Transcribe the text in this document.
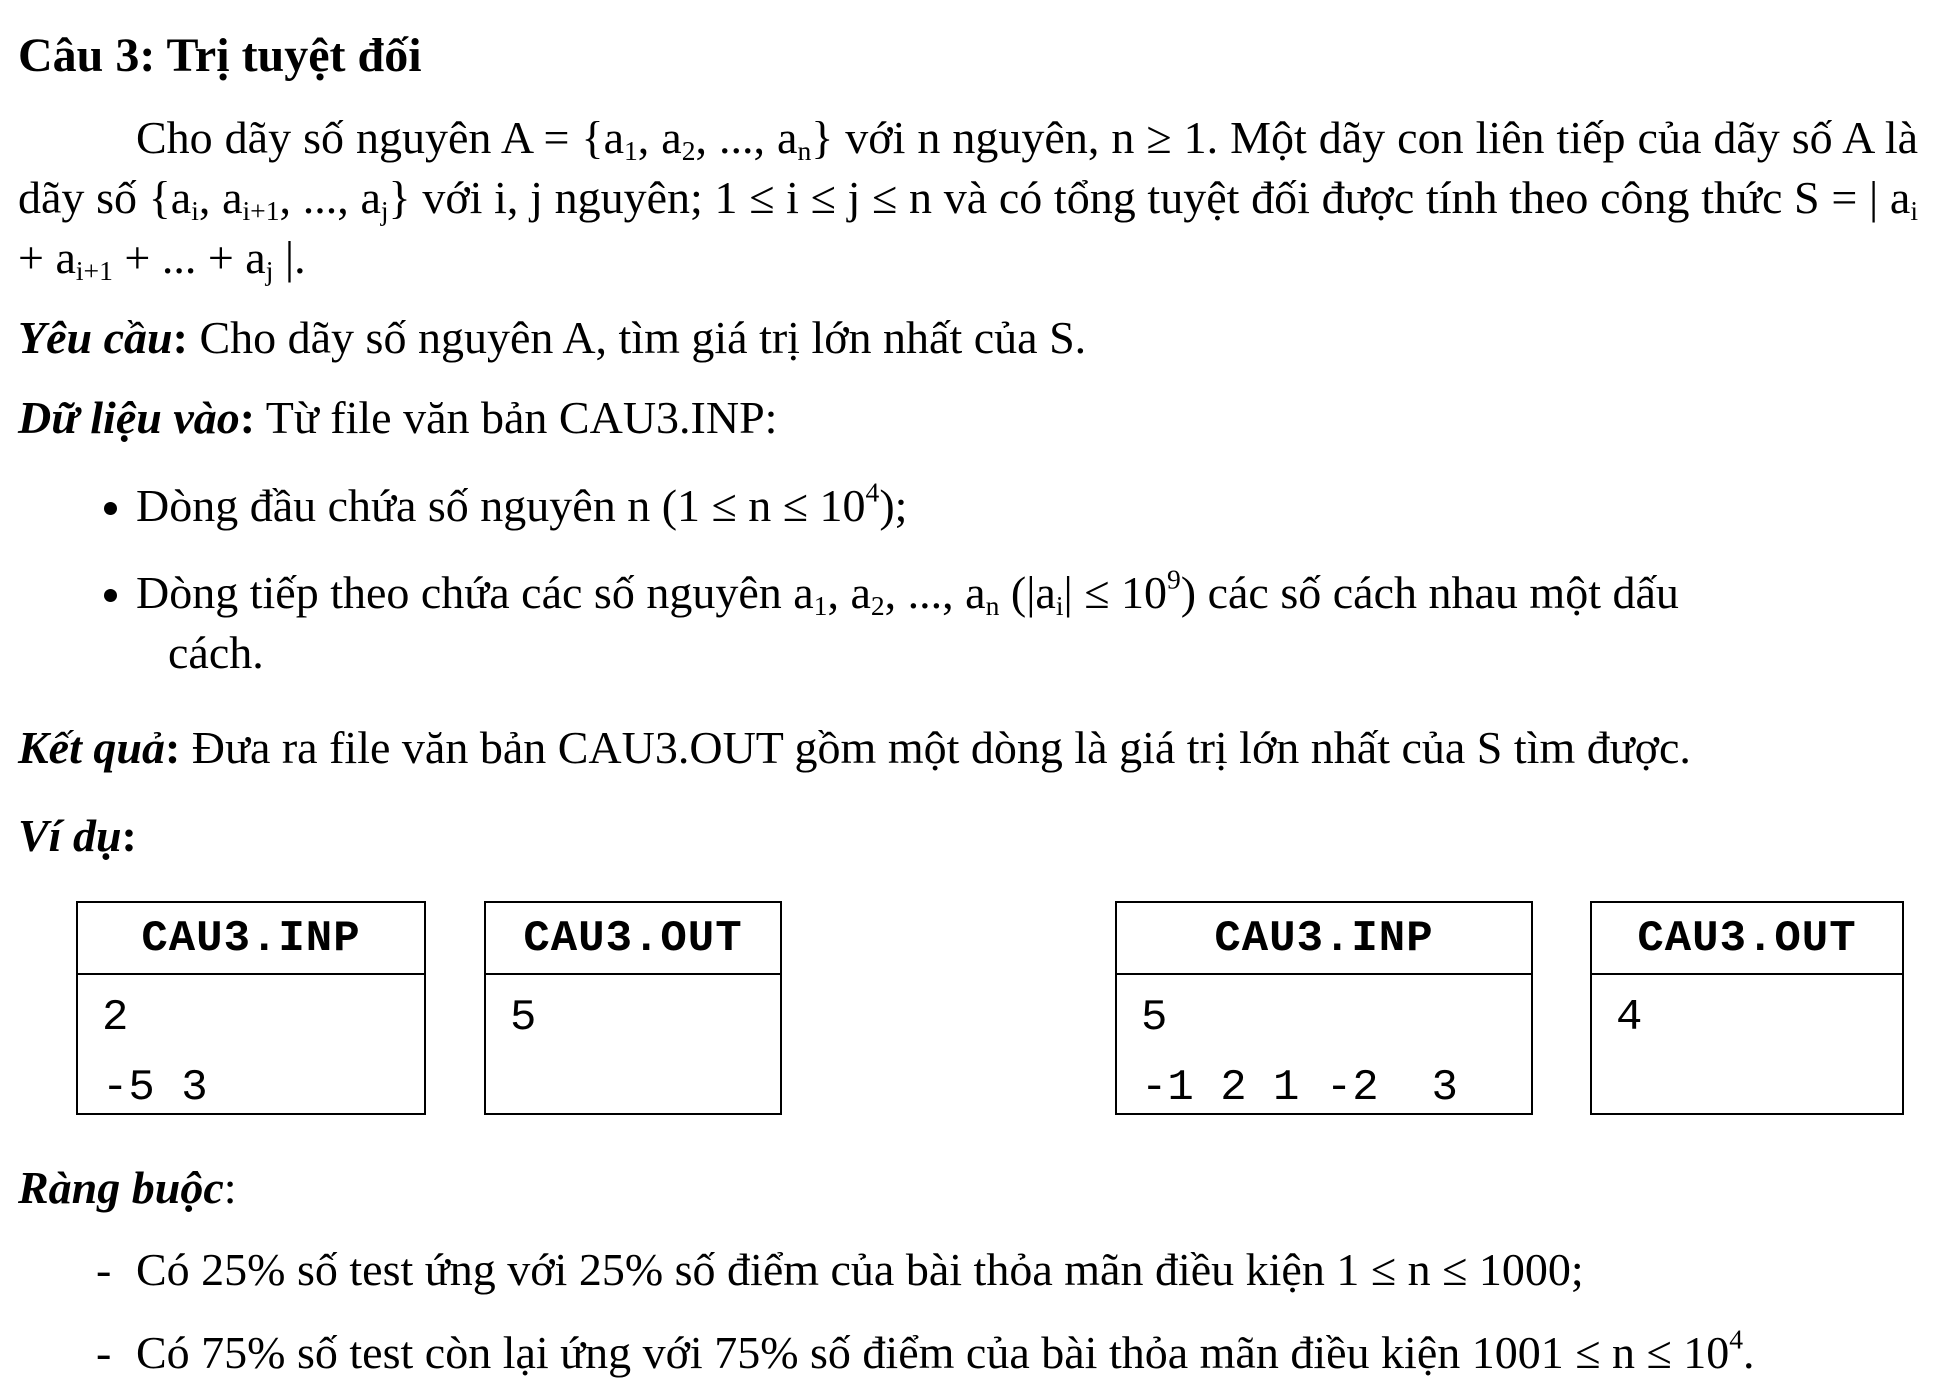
Câu 3: Trị tuyệt đối
Cho dãy số nguyên $A = \{a_1$, $a_2$, ..., $a_n$} với n nguyên, n ≥ 1. Một dãy con liên tiếp của dãy số A là dãy số {$a_i$, $a_{i+1}$, ..., $a_j$} với i, j nguyên; 1 ≤ i ≤ j ≤ n và có tổng tuyệt đối được tính theo công thức S = | $a_i + a_{i+1}$ + ... + $a_j$ |.
Yêu cầu: Cho dãy số nguyên A, tìm giá trị lớn nhất của S.
Dữ liệu vào: Từ file văn bản CAU3.INP:
Dòng đầu chứa số nguyên n $(1 \le n \le 10^4)$;
Dòng tiếp theo chứa các số nguyên $a_1$, $a_2$, ..., $a_n$ $(|a_i| \le 10^9)$ các số cách nhau một dấu
cách.
Kết quả: Đưa ra file văn bản CAU3.OUT gồm một dòng là giá trị lớn nhất của S tìm được.
Ví dụ:
CAU3.INP
2
-5 3
CAU3.OUT
5
CAU3.INP
5
-1 2 1 -2  3
CAU3.OUT
4
Ràng buộc:
- Có 25% số test ứng với 25% số điểm của bài thỏa mãn điều kiện 1 ≤ n ≤ 1000;
- Có 75% số test còn lại ứng với 75% số điểm của bài thỏa mãn điều kiện $1001 \le n \le 10^4$.
